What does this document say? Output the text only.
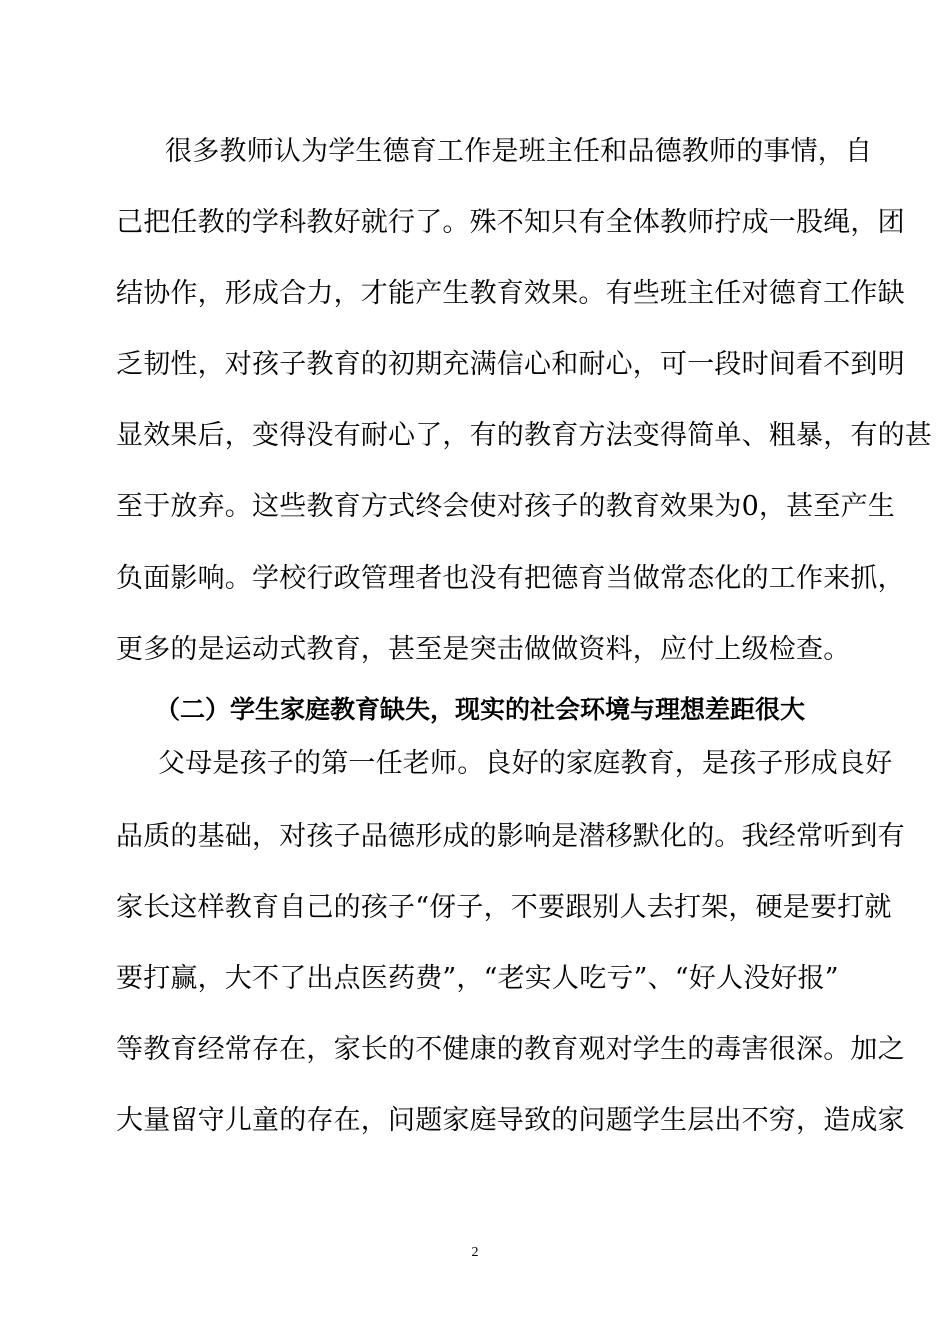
很多教师认为学生德育工作是班主任和品德教师的事情，自
己把任教的学科教好就行了。殊不知只有全体教师拧成一股绳，团
结协作，形成合力，才能产生教育效果。有些班主任对德育工作缺
乏韧性，对孩子教育的初期充满信心和耐心，可一段时间看不到明
显效果后，变得没有耐心了，有的教育方法变得简单、粗暴，有的甚
至于放弃。这些教育方式终会使对孩子的教育效果为0，甚至产生
负面影响。学校行政管理者也没有把德育当做常态化的工作来抓，
更多的是运动式教育，甚至是突击做做资料，应付上级检查。
（二）学生家庭教育缺失，现实的社会环境与理想差距很大
父母是孩子的第一任老师。良好的家庭教育，是孩子形成良好
品质的基础，对孩子品德形成的影响是潜移默化的。我经常听到有
家长这样教育自己的孩子“伢子，不要跟别人去打架，硬是要打就
要打赢，大不了出点医药费”，“老实人吃亏”、“好人没好报”
等教育经常存在，家长的不健康的教育观对学生的毒害很深。加之
大量留守儿童的存在，问题家庭导致的问题学生层出不穷，造成家
2
